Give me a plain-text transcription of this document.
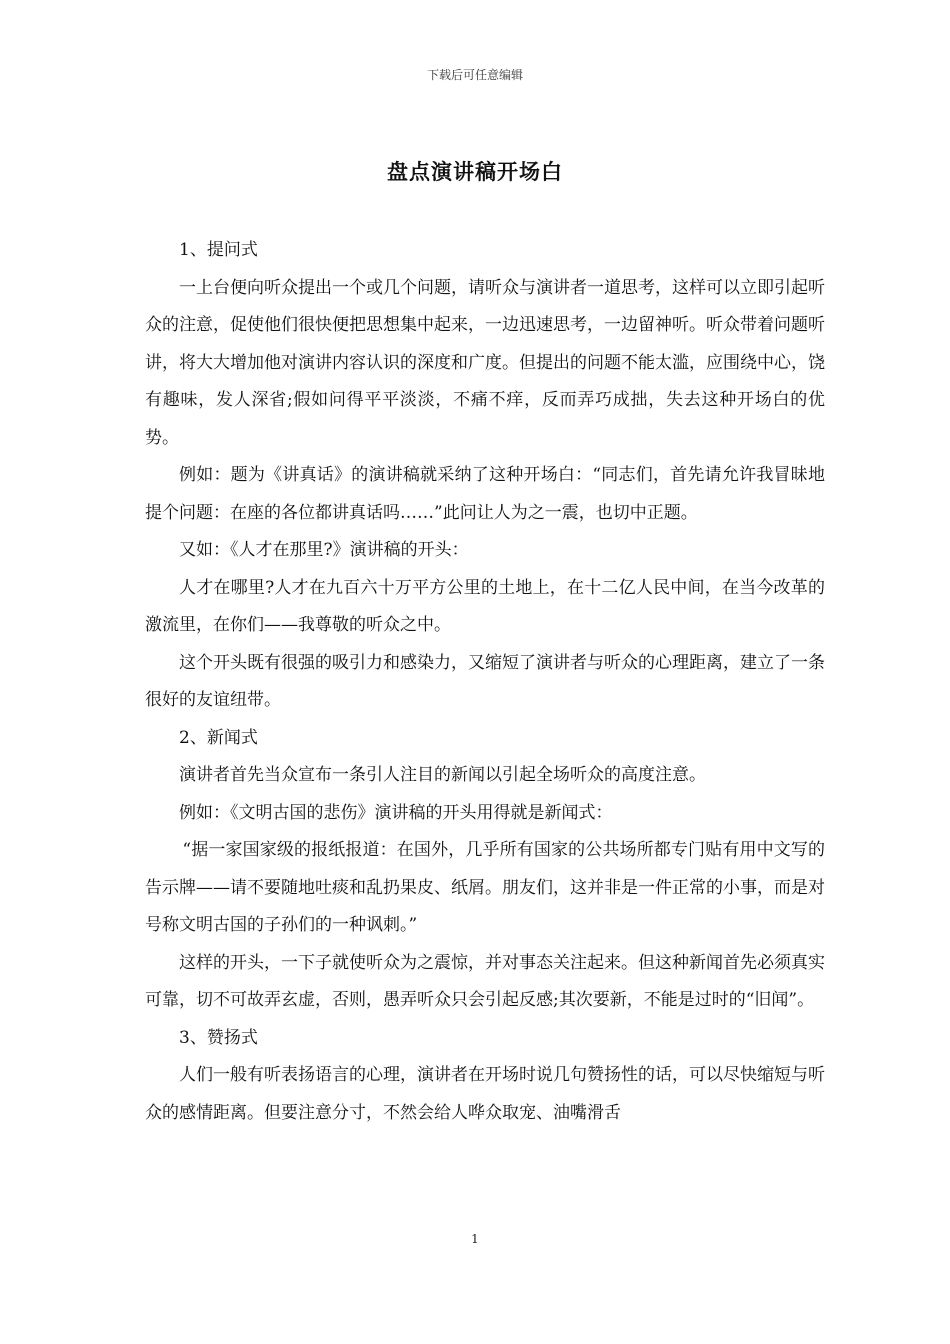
下载后可任意编辑
盘点演讲稿开场白

1、提问式

一上台便向听众提出一个或几个问题，请听众与演讲者一道思考，这样可以立即引起听众的注意，促使他们很快便把思想集中起来，一边迅速思考，一边留神听。听众带着问题听讲，将大大增加他对演讲内容认识的深度和广度。但提出的问题不能太滥，应围绕中心，饶有趣味，发人深省;假如问得平平淡淡，不痛不痒，反而弄巧成拙，失去这种开场白的优势。

例如：题为《讲真话》的演讲稿就采纳了这种开场白：“同志们，首先请允许我冒昧地提个问题：在座的各位都讲真话吗……”此问让人为之一震，也切中正题。

又如：《人才在那里?》演讲稿的开头：

人才在哪里?人才在九百六十万平方公里的土地上，在十二亿人民中间，在当今改革的激流里，在你们——我尊敬的听众之中。

这个开头既有很强的吸引力和感染力，又缩短了演讲者与听众的心理距离，建立了一条很好的友谊纽带。

2、新闻式

演讲者首先当众宣布一条引人注目的新闻以引起全场听众的高度注意。

例如：《文明古国的悲伤》演讲稿的开头用得就是新闻式：

“据一家国家级的报纸报道：在国外，几乎所有国家的公共场所都专门贴有用中文写的告示牌——请不要随地吐痰和乱扔果皮、纸屑。朋友们，这并非是一件正常的小事，而是对号称文明古国的子孙们的一种讽刺。”

这样的开头，一下子就使听众为之震惊，并对事态关注起来。但这种新闻首先必须真实可靠，切不可故弄玄虚，否则，愚弄听众只会引起反感;其次要新，不能是过时的“旧闻”。

3、赞扬式

人们一般有听表扬语言的心理，演讲者在开场时说几句赞扬性的话，可以尽快缩短与听众的感情距离。但要注意分寸，不然会给人哗众取宠、油嘴滑舌

1
